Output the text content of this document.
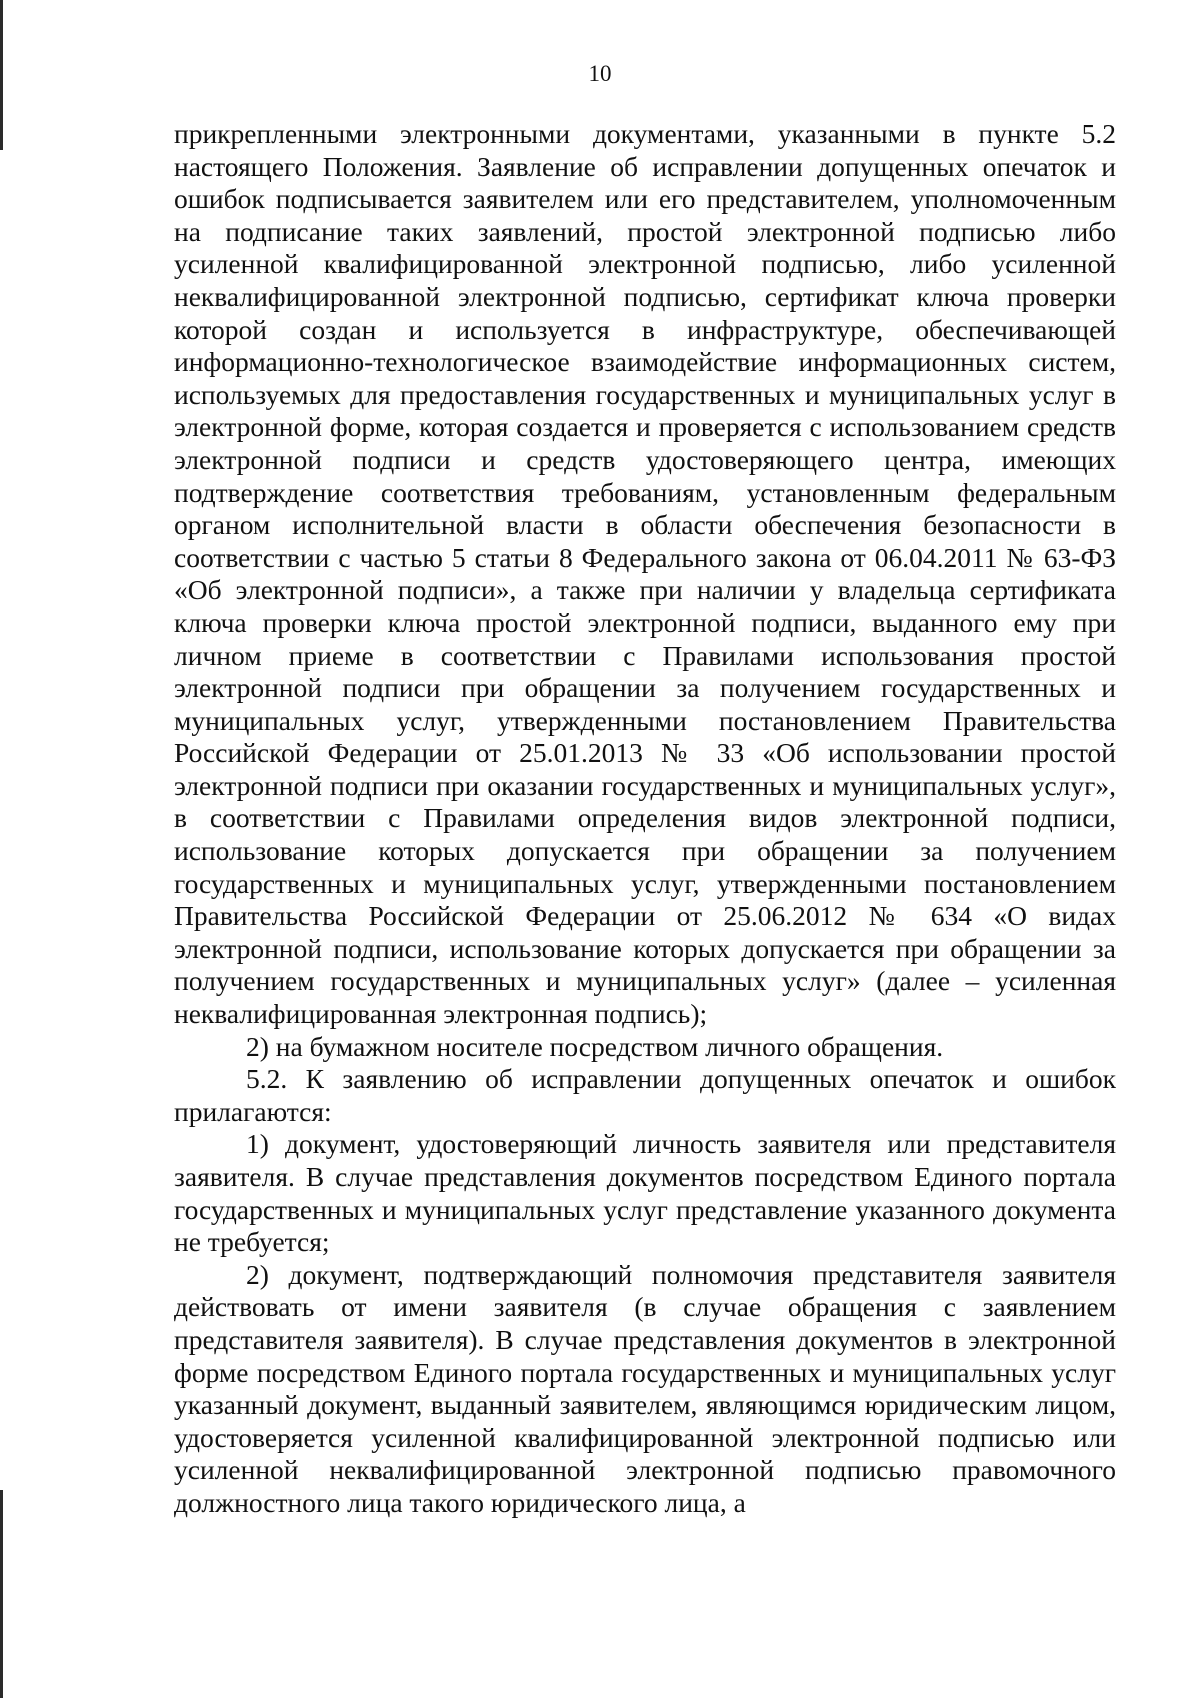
10

прикрепленными электронными документами, указанными в пункте 5.2 настоящего Положения. Заявление об исправлении допущенных опечаток и ошибок подписывается заявителем или его представителем, уполномоченным на подписание таких заявлений, простой электронной подписью либо усиленной квалифицированной электронной подписью, либо усиленной неквалифицированной электронной подписью, сертификат ключа проверки которой создан и используется в инфраструктуре, обеспечивающей информационно-технологическое взаимодействие информационных систем, используемых для предоставления государственных и муниципальных услуг в электронной форме, которая создается и проверяется с использованием средств электронной подписи и средств удостоверяющего центра, имеющих подтверждение соответствия требованиям, установленным федеральным органом исполнительной власти в области обеспечения безопасности в соответствии с частью 5 статьи 8 Федерального закона от 06.04.2011 № 63-ФЗ «Об электронной подписи», а также при наличии у владельца сертификата ключа проверки ключа простой электронной подписи, выданного ему при личном приеме в соответствии с Правилами использования простой электронной подписи при обращении за получением государственных и муниципальных услуг, утвержденными постановлением Правительства Российской Федерации от 25.01.2013 № 33 «Об использовании простой электронной подписи при оказании государственных и муниципальных услуг», в соответствии с Правилами определения видов электронной подписи, использование которых допускается при обращении за получением государственных и муниципальных услуг, утвержденными постановлением Правительства Российской Федерации от 25.06.2012 № 634 «О видах электронной подписи, использование которых допускается при обращении за получением государственных и муниципальных услуг» (далее – усиленная неквалифицированная электронная подпись);

2) на бумажном носителе посредством личного обращения.

5.2. К заявлению об исправлении допущенных опечаток и ошибок прилагаются:

1) документ, удостоверяющий личность заявителя или представителя заявителя. В случае представления документов посредством Единого портала государственных и муниципальных услуг представление указанного документа не требуется;

2) документ, подтверждающий полномочия представителя заявителя действовать от имени заявителя (в случае обращения с заявлением представителя заявителя). В случае представления документов в электронной форме посредством Единого портала государственных и муниципальных услуг указанный документ, выданный заявителем, являющимся юридическим лицом, удостоверяется усиленной квалифицированной электронной подписью или усиленной неквалифицированной электронной подписью правомочного должностного лица такого юридического лица, а
